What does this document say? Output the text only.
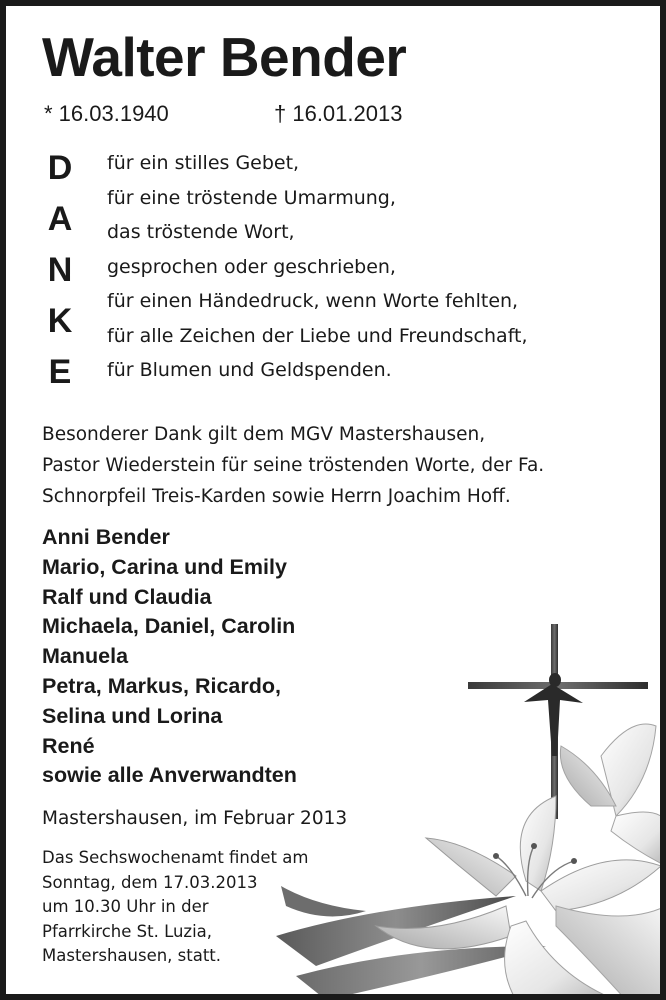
Walter Bender
* 16.03.1940	† 16.01.2013
D
A
N
K
E
für ein stilles Gebet,
für eine tröstende Umarmung,
das tröstende Wort,
gesprochen oder geschrieben,
für einen Händedruck, wenn Worte fehlten,
für alle Zeichen der Liebe und Freundschaft,
für Blumen und Geldspenden.
Besonderer Dank gilt dem MGV Mastershausen,
Pastor Wiederstein für seine tröstenden Worte, der Fa.
Schnorpfeil Treis-Karden sowie Herrn Joachim Hoff.
Anni Bender
Mario, Carina und Emily
Ralf und Claudia
Michaela, Daniel, Carolin
Manuela
Petra, Markus, Ricardo,
Selina und Lorina
René
sowie alle Anverwandten
Mastershausen, im Februar 2013
Das Sechswochenamt findet am
Sonntag, dem 17.03.2013
um 10.30 Uhr in der
Pfarrkirche St. Luzia,
Mastershausen, statt.
